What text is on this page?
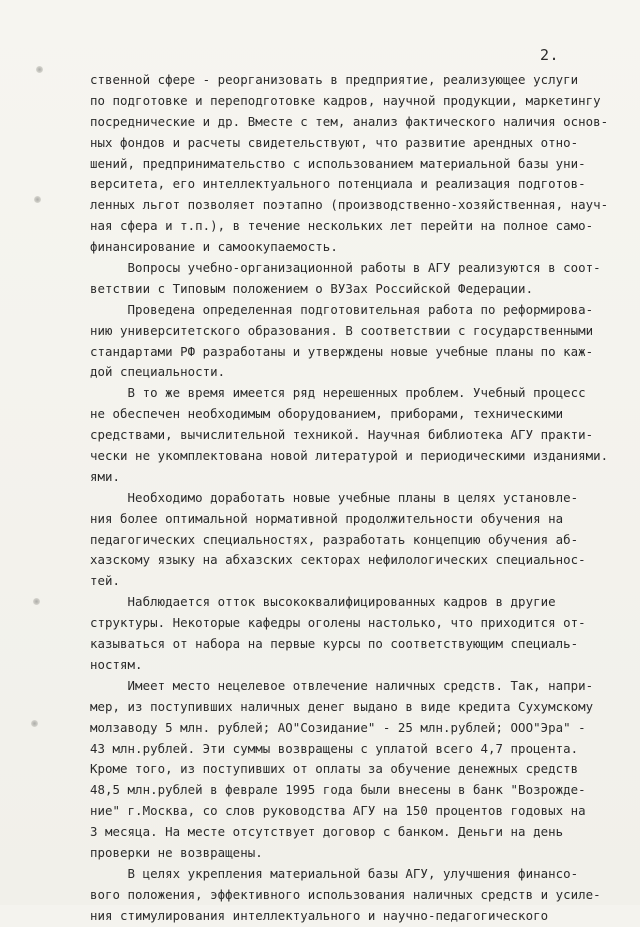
2.
ственной сфере - реорганизовать в предприятие, реализующее услуги
по подготовке и переподготовке кадров, научной продукции, маркетингу
посреднические и др. Вместе с тем, анализ фактического наличия основ-
ных фондов и расчеты свидетельствуют, что развитие арендных отно-
шений, предпринимательство с использованием материальной базы уни-
верситета, его интеллектуального потенциала и реализация подготов-
ленных льгот позволяет поэтапно (производственно-хозяйственная, науч-
ная сфера и т.п.), в течение нескольких лет перейти на полное само-
финансирование и самоокупаемость.
Вопросы учебно-организационной работы в АГУ реализуются в соот-
ветствии с Типовым положением о ВУЗах Российской Федерации.
Проведена определенная подготовительная работа по реформирова-
нию университетского образования. В соответствии с государственными
стандартами РФ разработаны и утверждены новые учебные планы по каж-
дой специальности.
В то же время имеется ряд нерешенных проблем. Учебный процесс
не обеспечен необходимым оборудованием, приборами, техническими
средствами, вычислительной техникой. Научная библиотека АГУ практи-
чески не укомплектована новой литературой и периодическими изданиями.
ями.
Необходимо доработать новые учебные планы в целях установле-
ния более оптимальной нормативной продолжительности обучения на
педагогических специальностях, разработать концепцию обучения аб-
хазскому языку на абхазских секторах нефилологических специальнос-
тей.
Наблюдается отток высококвалифицированных кадров в другие
структуры. Некоторые кафедры оголены настолько, что приходится от-
казываться от набора на первые курсы по соответствующим специаль-
ностям.
Имеет место нецелевое отвлечение наличных средств. Так, напри-
мер, из поступивших наличных денег выдано в виде кредита Сухумскому
молзаводу 5 млн. рублей; АО"Созидание" - 25 млн.рублей; ООО"Эра" -
43 млн.рублей. Эти суммы возвращены с уплатой всего 4,7 процента.
Кроме того, из поступивших от оплаты за обучение денежных средств
48,5 млн.рублей в феврале 1995 года были внесены в банк "Возрожде-
ние" г.Москва, со слов руководства АГУ на 150 процентов годовых на
3 месяца. На месте отсутствует договор с банком. Деньги на день
проверки не возвращены.
В целях укрепления материальной базы АГУ, улучшения финансо-
вого положения, эффективного использования наличных средств и усиле-
ния стимулирования интеллектуального и научно-педагогического
